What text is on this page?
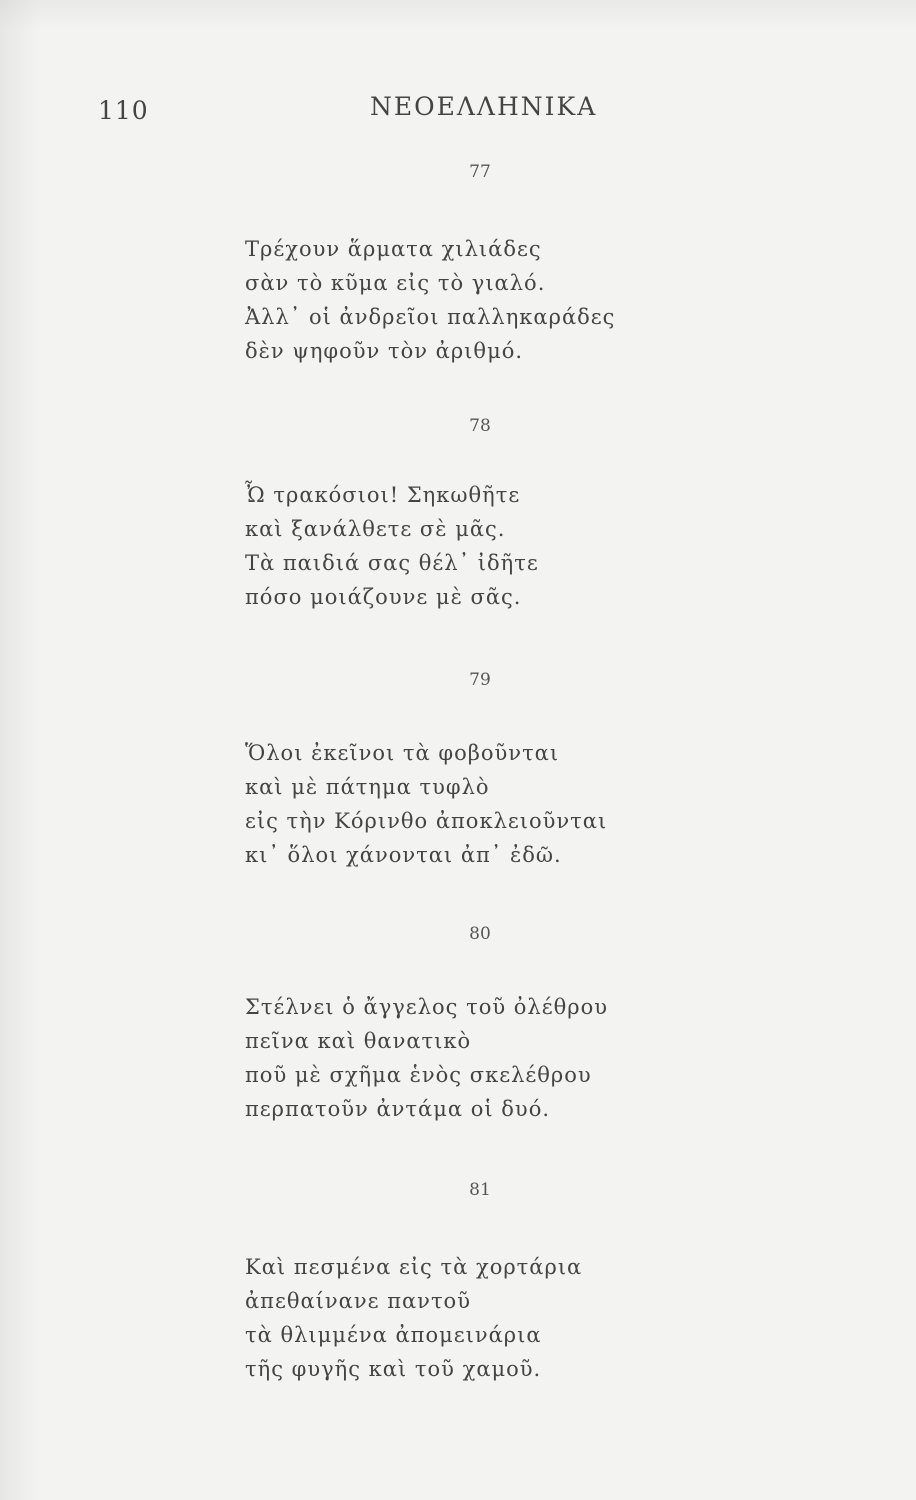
110	ΝΕΟΕΛΛΗΝΙΚΑ
77
Τρέχουν ἅρματα χιλιάδες
σὰν τὸ κῦμα εἰς τὸ γιαλό.
Ἀλλ᾽ οἱ ἀνδρεῖοι παλληκαράδες
δὲν ψηφοῦν τὸν ἀριθμό.
78
Ὦ τρακόσιοι! Σηκωθῆτε
καὶ ξανάλθετε σὲ μᾶς.
Τὰ παιδιά σας θέλ᾽ ἰδῆτε
πόσο μοιάζουνε μὲ σᾶς.
79
Ὅλοι ἐκεῖνοι τὰ φοβοῦνται
καὶ μὲ πάτημα τυφλὸ
εἰς τὴν Κόρινθο ἀποκλειοῦνται
κι᾽ ὅλοι χάνονται ἀπ᾽ ἐδῶ.
80
Στέλνει ὁ ἄγγελος τοῦ ὀλέθρου
πεῖνα καὶ θανατικὸ
ποῦ μὲ σχῆμα ἑνὸς σκελέθρου
περπατοῦν ἀντάμα οἱ δυό.
81
Καὶ πεσμένα εἰς τὰ χορτάρια
ἀπεθαίνανε παντοῦ
τὰ θλιμμένα ἀπομεινάρια
τῆς φυγῆς καὶ τοῦ χαμοῦ.
